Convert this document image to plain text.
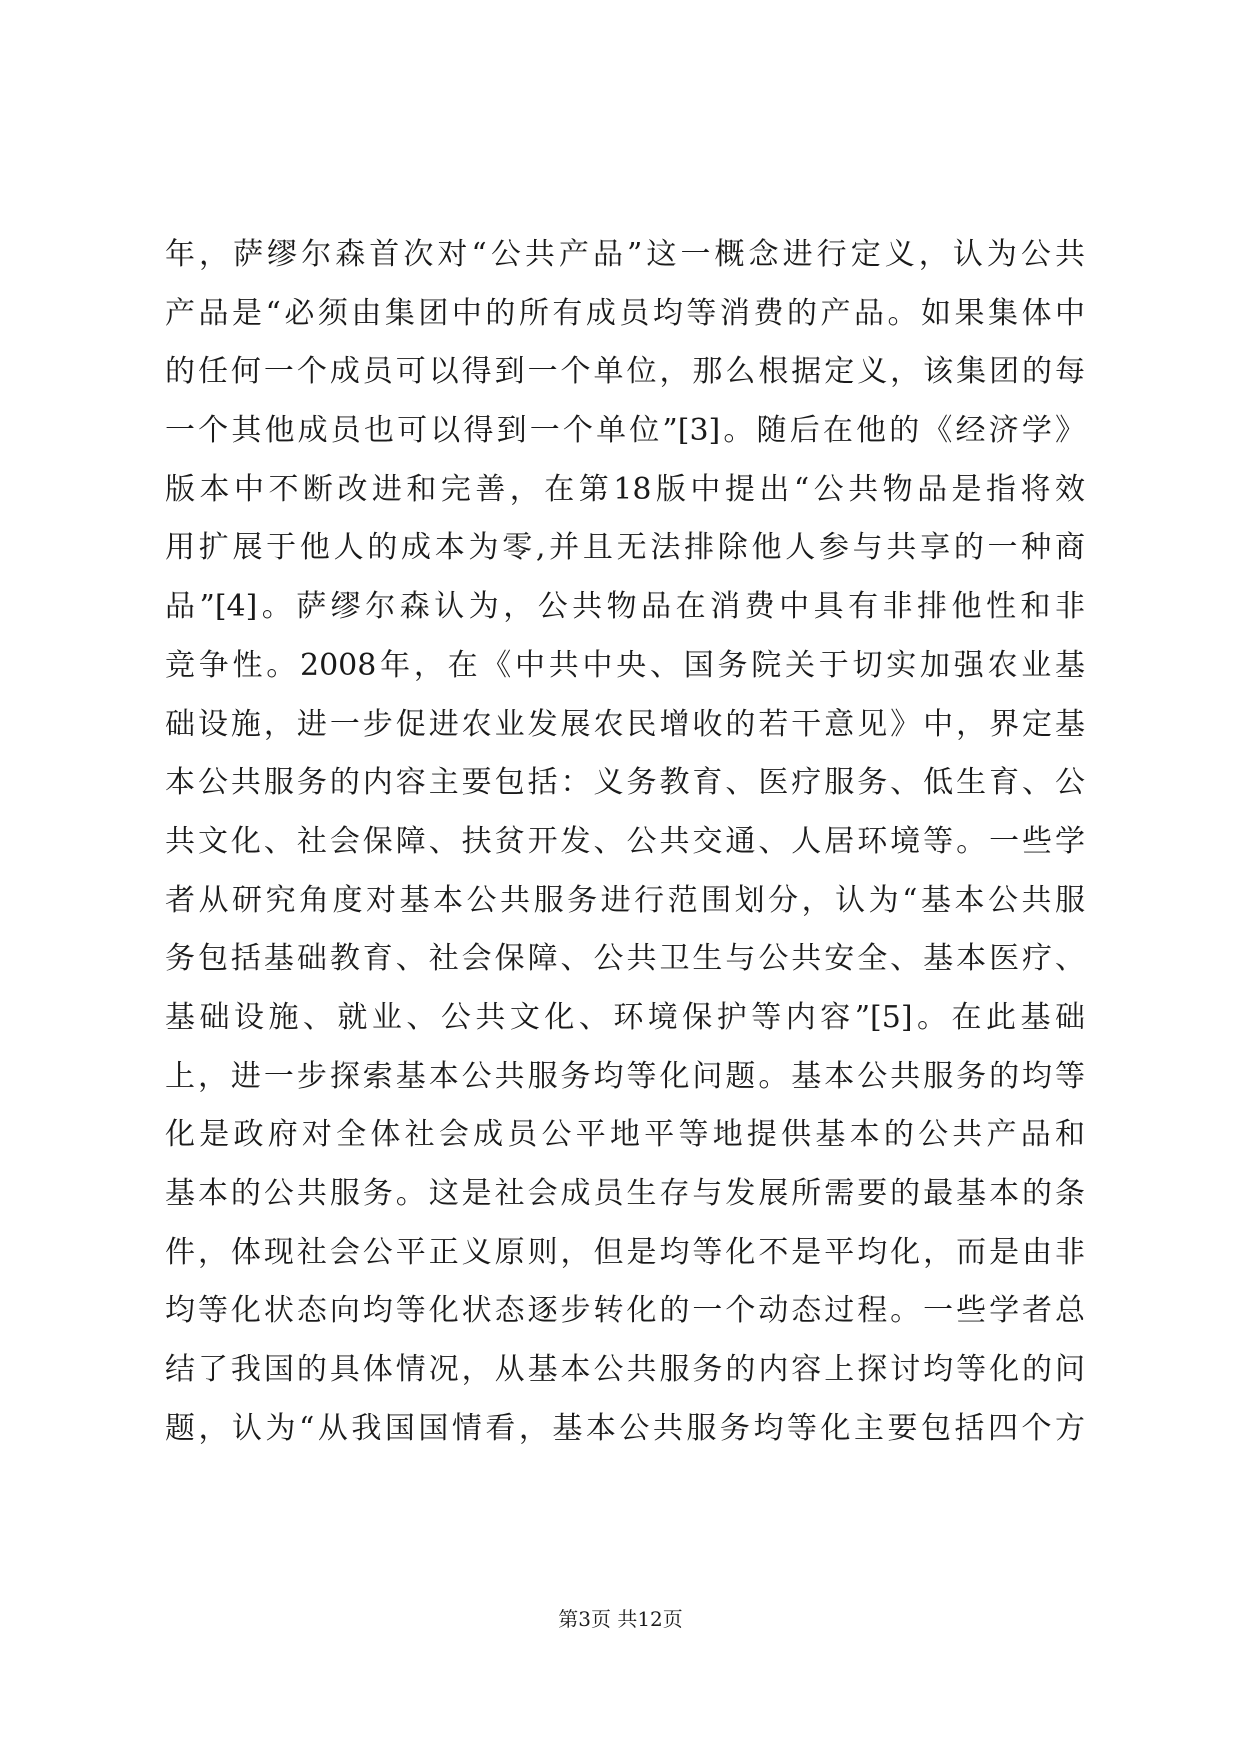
年，萨缪尔森首次对“公共产品”这一概念进行定义，认为公共
产品是“必须由集团中的所有成员均等消费的产品。如果集体中
的任何一个成员可以得到一个单位，那么根据定义，该集团的每
一个其他成员也可以得到一个单位”[3]。随后在他的《经济学》
版本中不断改进和完善，在第18版中提出“公共物品是指将效
用扩展于他人的成本为零,并且无法排除他人参与共享的一种商
品”[4]。萨缪尔森认为，公共物品在消费中具有非排他性和非
竞争性。2008年，在《中共中央、国务院关于切实加强农业基
础设施，进一步促进农业发展农民增收的若干意见》中，界定基
本公共服务的内容主要包括：义务教育、医疗服务、低生育、公
共文化、社会保障、扶贫开发、公共交通、人居环境等。一些学
者从研究角度对基本公共服务进行范围划分，认为“基本公共服
务包括基础教育、社会保障、公共卫生与公共安全、基本医疗、
基础设施、就业、公共文化、环境保护等内容”[5]。在此基础
上，进一步探索基本公共服务均等化问题。基本公共服务的均等
化是政府对全体社会成员公平地平等地提供基本的公共产品和
基本的公共服务。这是社会成员生存与发展所需要的最基本的条
件，体现社会公平正义原则，但是均等化不是平均化，而是由非
均等化状态向均等化状态逐步转化的一个动态过程。一些学者总
结了我国的具体情况，从基本公共服务的内容上探讨均等化的问
题，认为“从我国国情看，基本公共服务均等化主要包括四个方
第3页 共12页
